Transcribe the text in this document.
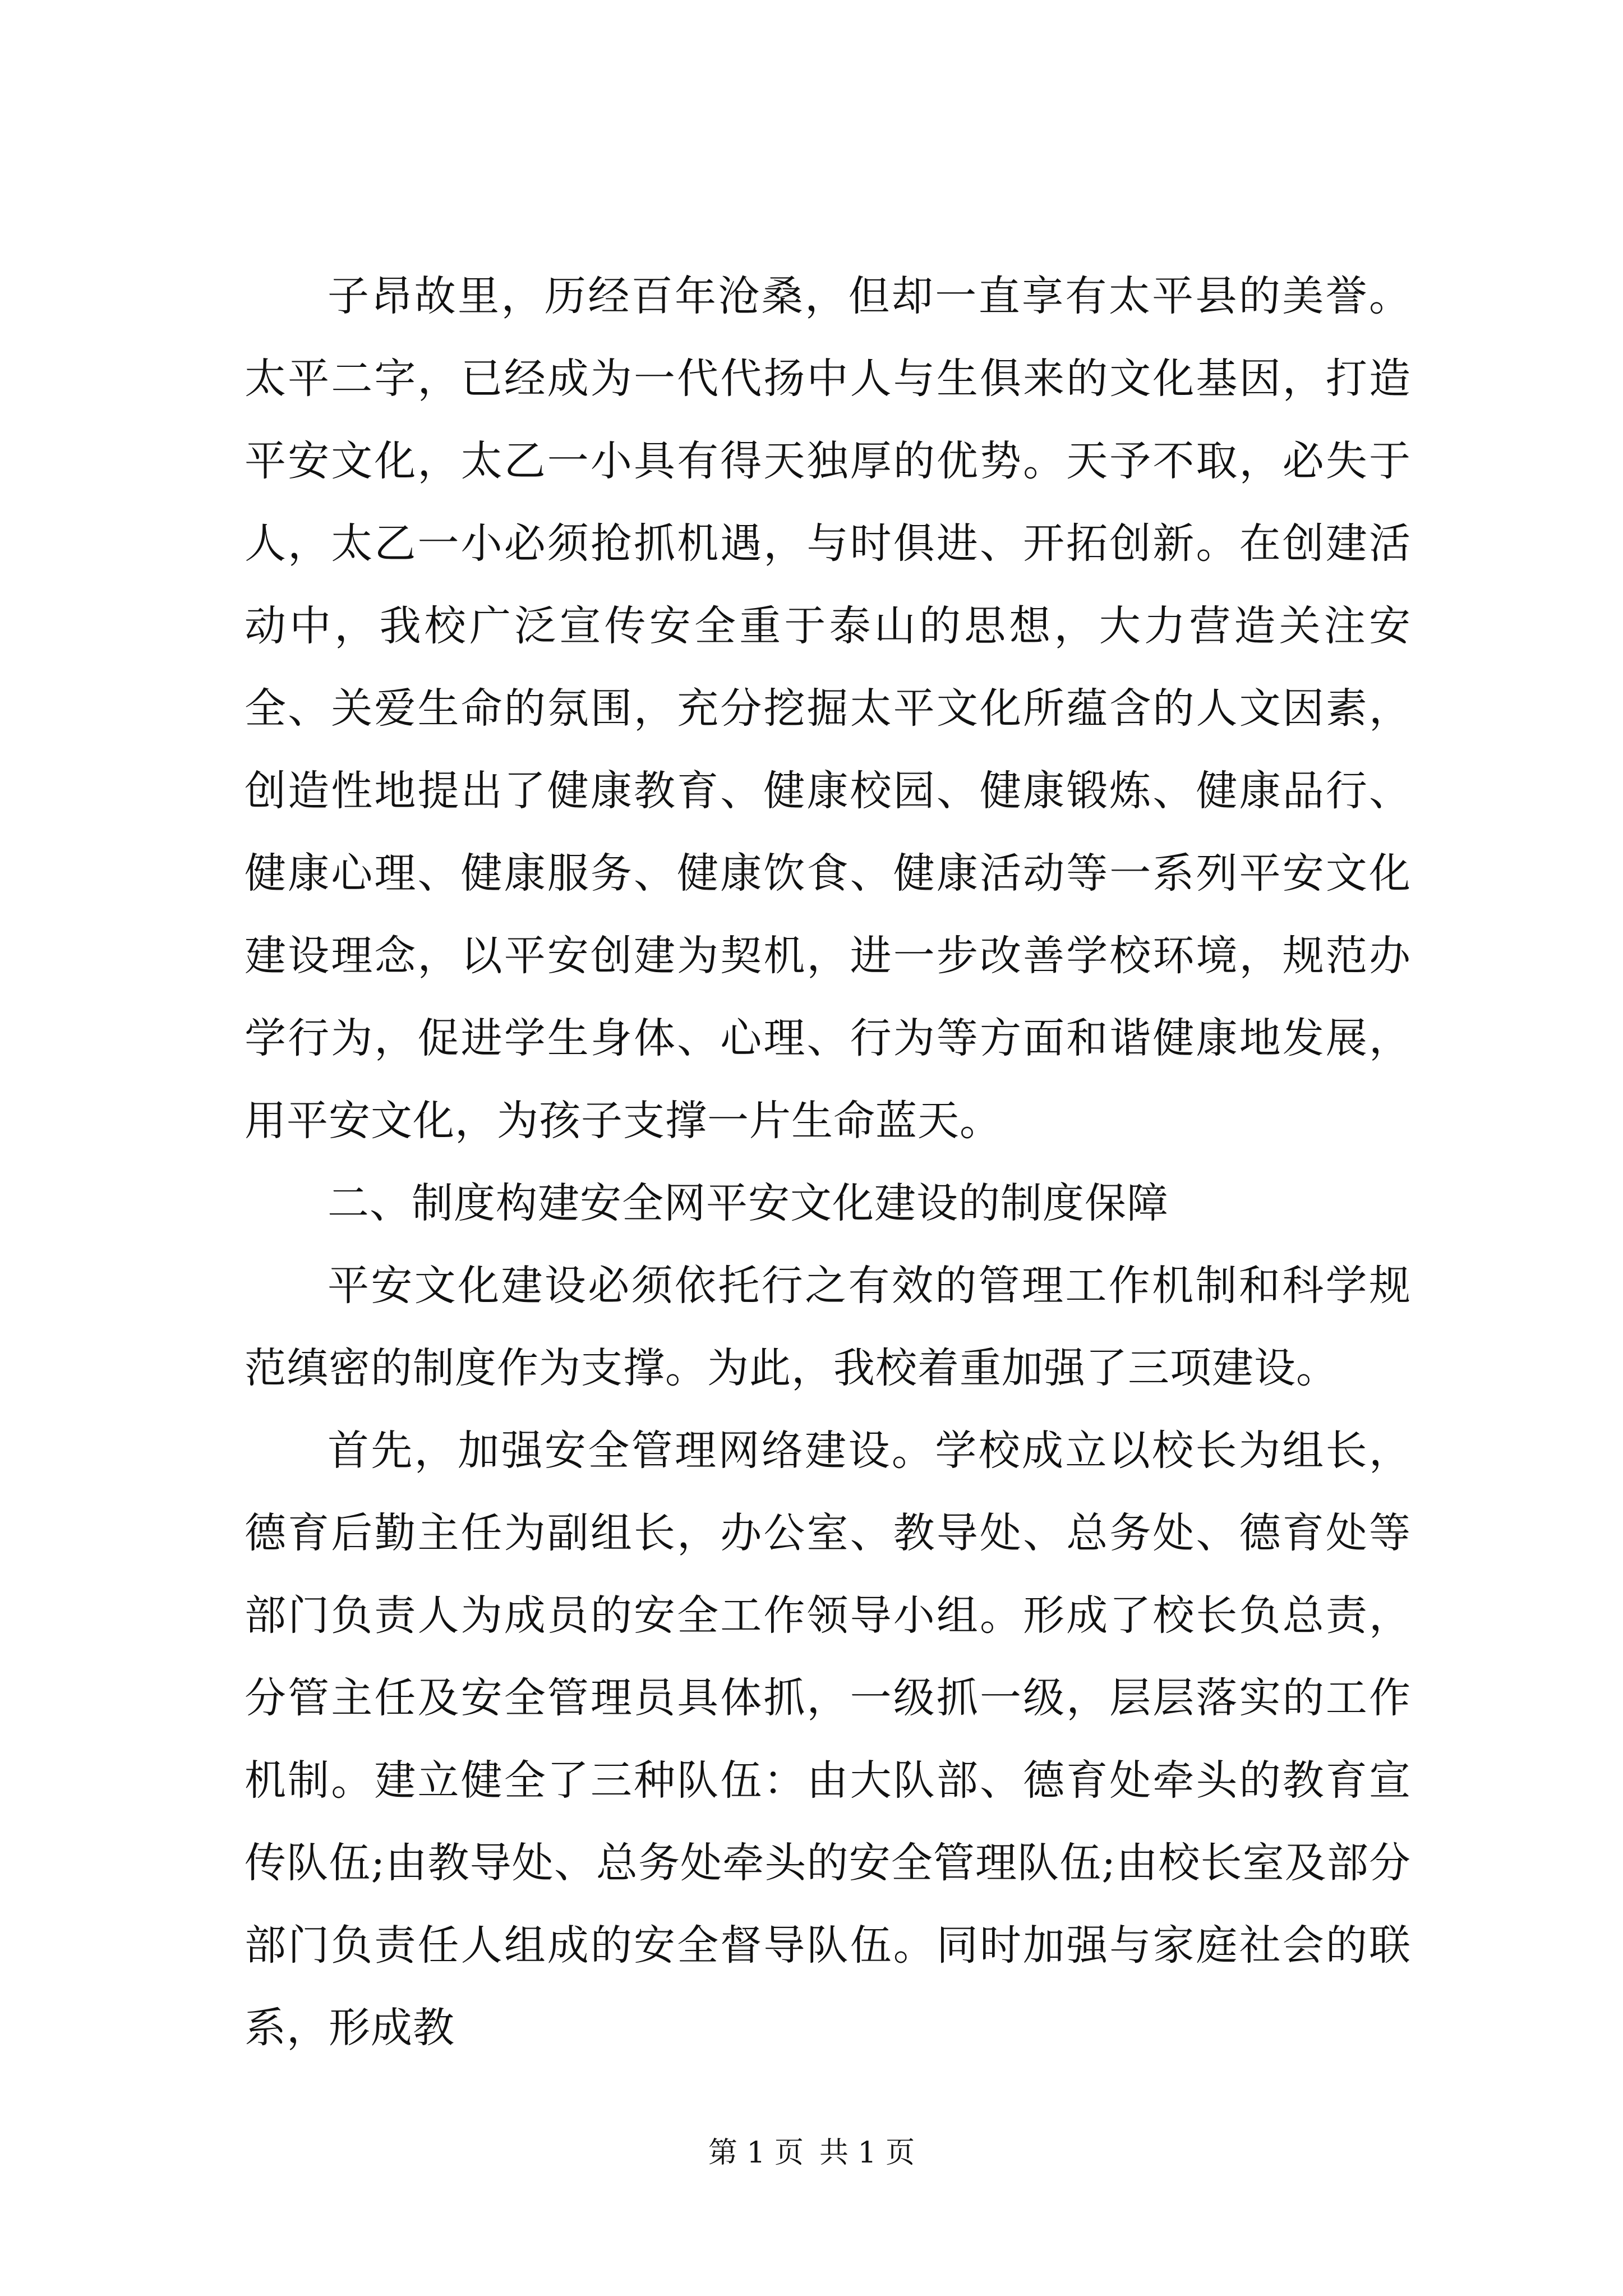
子昂故里，历经百年沧桑，但却一直享有太平县的美誉。太平二字，已经成为一代代扬中人与生俱来的文化基因，打造平安文化，太乙一小具有得天独厚的优势。天予不取，必失于人，太乙一小必须抢抓机遇，与时俱进、开拓创新。在创建活动中，我校广泛宣传安全重于泰山的思想，大力营造关注安全、关爱生命的氛围，充分挖掘太平文化所蕴含的人文因素，创造性地提出了健康教育、健康校园、健康锻炼、健康品行、健康心理、健康服务、健康饮食、健康活动等一系列平安文化建设理念，以平安创建为契机，进一步改善学校环境，规范办学行为，促进学生身体、心理、行为等方面和谐健康地发展，用平安文化，为孩子支撑一片生命蓝天。

二、制度构建安全网平安文化建设的制度保障

平安文化建设必须依托行之有效的管理工作机制和科学规范缜密的制度作为支撑。为此，我校着重加强了三项建设。

首先，加强安全管理网络建设。学校成立以校长为组长，德育后勤主任为副组长，办公室、教导处、总务处、德育处等部门负责人为成员的安全工作领导小组。形成了校长负总责，分管主任及安全管理员具体抓，一级抓一级，层层落实的工作机制。建立健全了三种队伍：由大队部、德育处牵头的教育宣传队伍;由教导处、总务处牵头的安全管理队伍;由校长室及部分部门负责任人组成的安全督导队伍。同时加强与家庭社会的联系，形成教

第 1 页 共 1 页
